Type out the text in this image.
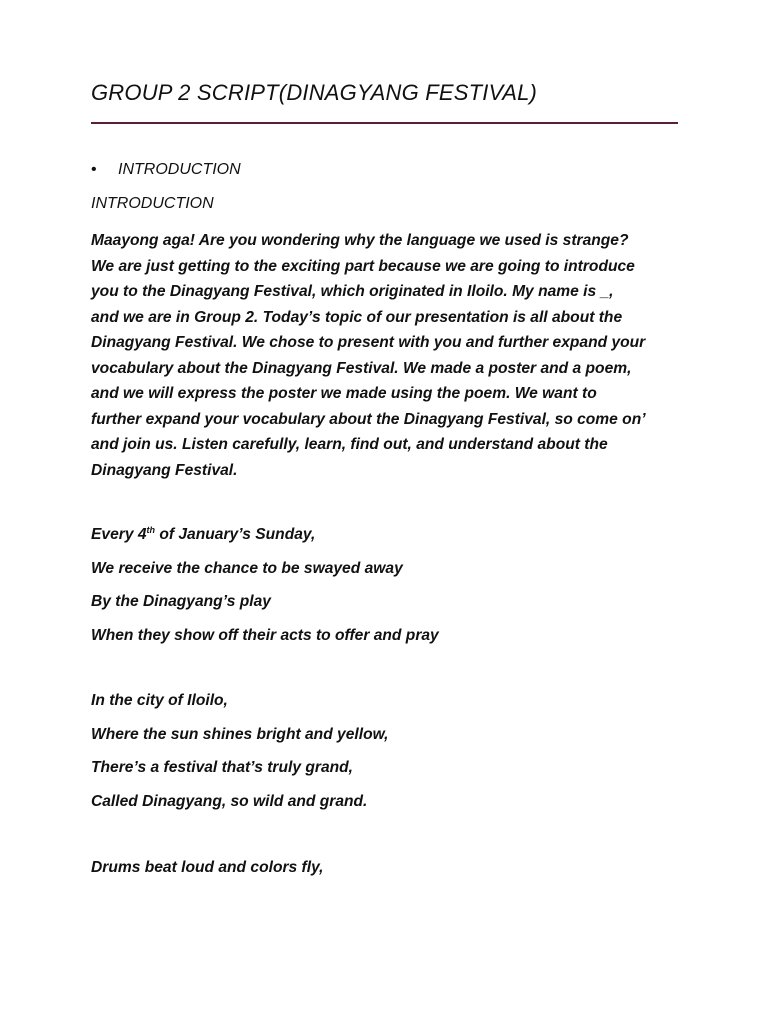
GROUP 2 SCRIPT(DINAGYANG FESTIVAL)
• INTRODUCTION
INTRODUCTION
Maayong aga! Are you wondering why the language we used is strange?
We are just getting to the exciting part because we are going to introduce
you to the Dinagyang Festival, which originated in Iloilo. My name is _,
and we are in Group 2. Today’s topic of our presentation is all about the
Dinagyang Festival. We chose to present with you and further expand your
vocabulary about the Dinagyang Festival. We made a poster and a poem,
and we will express the poster we made using the poem. We want to
further expand your vocabulary about the Dinagyang Festival, so come on’
and join us. Listen carefully, learn, find out, and understand about the
Dinagyang Festival.
Every 4th of January’s Sunday,
We receive the chance to be swayed away
By the Dinagyang’s play
When they show off their acts to offer and pray
In the city of Iloilo,
Where the sun shines bright and yellow,
There’s a festival that’s truly grand,
Called Dinagyang, so wild and grand.
Drums beat loud and colors fly,
